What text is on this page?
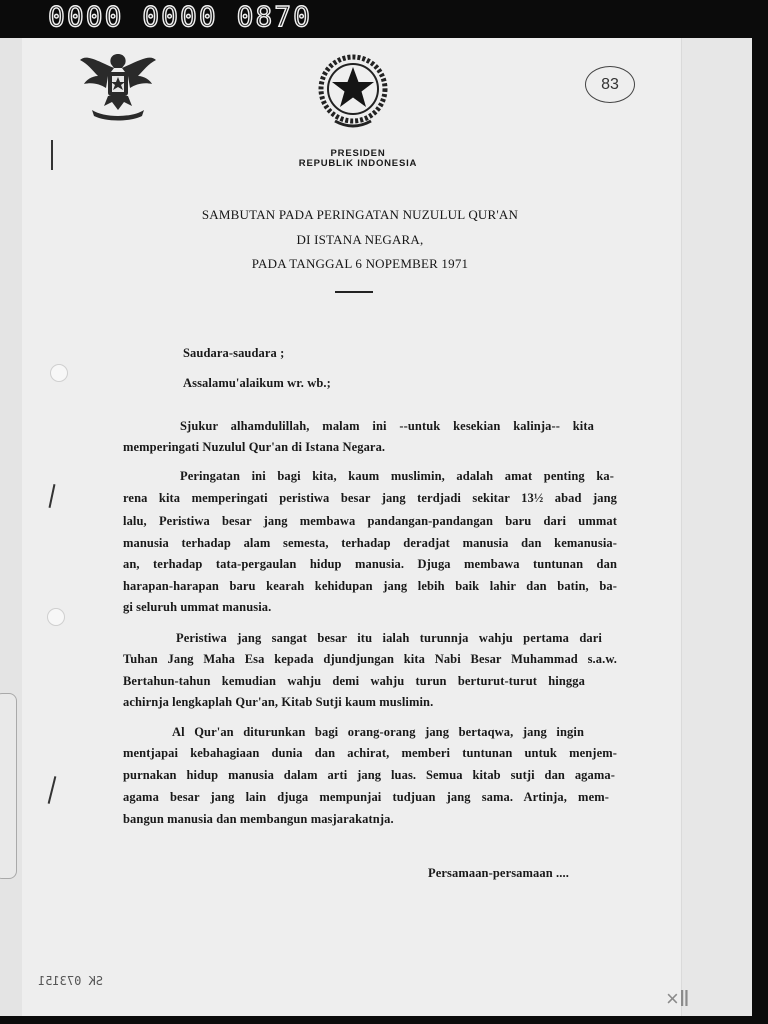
0000 0000 0870
83
PRESIDEN
REPUBLIK INDONESIA
SAMBUTAN PADA PERINGATAN NUZULUL QUR'AN
DI ISTANA NEGARA,
PADA TANGGAL 6 NOPEMBER 1971
Saudara-saudara ;
Assalamu'alaikum wr. wb.;
Sjukur alhamdulillah, malam ini --untuk kesekian kalinja-- kita
memperingati Nuzulul Qur'an di Istana Negara.
Peringatan ini bagi kita, kaum muslimin, adalah amat penting ka-
rena kita memperingati peristiwa besar jang terdjadi sekitar 13½ abad jang
lalu, Peristiwa besar jang membawa pandangan-pandangan baru dari ummat
manusia terhadap alam semesta, terhadap deradjat manusia dan kemanusia-
an, terhadap tata-pergaulan hidup manusia. Djuga membawa tuntunan dan
harapan-harapan baru kearah kehidupan jang lebih baik lahir dan batin, ba-
gi seluruh ummat manusia.
Peristiwa jang sangat besar itu ialah turunnja wahju pertama dari
Tuhan Jang Maha Esa kepada djundjungan kita Nabi Besar Muhammad s.a.w.
Bertahun-tahun kemudian wahju demi wahju turun berturut-turut hingga
achirnja lengkaplah Qur'an, Kitab Sutji kaum muslimin.
Al Qur'an diturunkan bagi orang-orang jang bertaqwa, jang ingin
mentjapai kebahagiaan dunia dan achirat, memberi tuntunan untuk menjem-
purnakan hidup manusia dalam arti jang luas. Semua kitab sutji dan agama-
agama besar jang lain djuga mempunjai tudjuan jang sama. Artinja, mem-
bangun manusia dan membangun masjarakatnja.
Persamaan-persamaan ....
SK 073151
×Ⅱ
